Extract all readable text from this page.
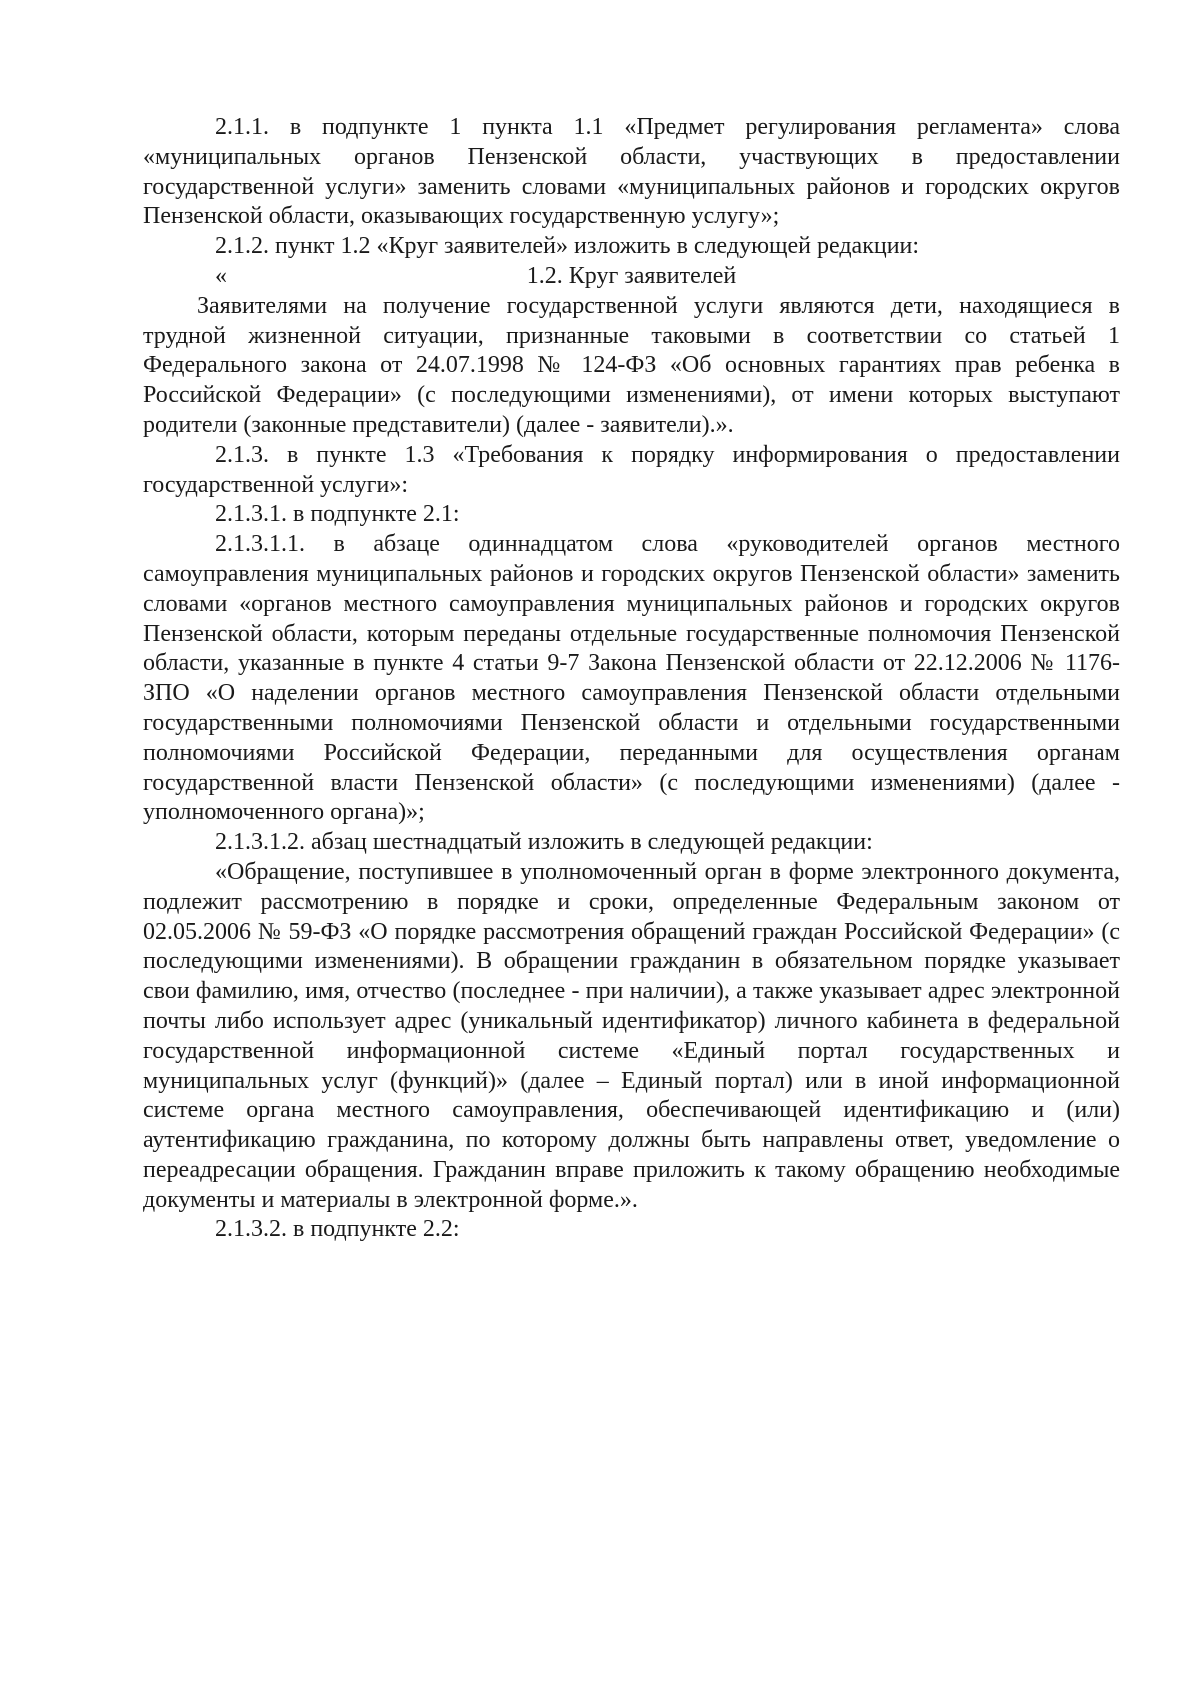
2.1.1. в подпункте 1 пункта 1.1 «Предмет регулирования регламента» слова «муниципальных органов Пензенской области, участвующих в предоставлении государственной услуги» заменить словами «муниципальных районов и городских округов Пензенской области, оказывающих государственную услугу»;

2.1.2. пункт 1.2 «Круг заявителей» изложить в следующей редакции:

«	1.2. Круг заявителей

Заявителями на получение государственной услуги являются дети, находящиеся в трудной жизненной ситуации, признанные таковыми в соответствии со статьей 1 Федерального закона от 24.07.1998 № 124-ФЗ «Об основных гарантиях прав ребенка в Российской Федерации» (с последующими изменениями), от имени которых выступают родители (законные представители) (далее - заявители).».

2.1.3. в пункте 1.3 «Требования к порядку информирования о предоставлении государственной услуги»:

2.1.3.1. в подпункте 2.1:

2.1.3.1.1. в абзаце одиннадцатом слова «руководителей органов местного самоуправления муниципальных районов и городских округов Пензенской области» заменить словами «органов местного самоуправления муниципальных районов и городских округов Пензенской области, которым переданы отдельные государственные полномочия Пензенской области, указанные в пункте 4 статьи 9-7 Закона Пензенской области от 22.12.2006 № 1176-ЗПО «О наделении органов местного самоуправления Пензенской области отдельными государственными полномочиями Пензенской области и отдельными государственными полномочиями Российской Федерации, переданными для осуществления органам государственной власти Пензенской области» (с последующими изменениями) (далее - уполномоченного органа)»;

2.1.3.1.2. абзац шестнадцатый изложить в следующей редакции:

«Обращение, поступившее в уполномоченный орган в форме электронного документа, подлежит рассмотрению в порядке и сроки, определенные Федеральным законом от 02.05.2006 № 59-ФЗ «О порядке рассмотрения обращений граждан Российской Федерации» (с последующими изменениями). В обращении гражданин в обязательном порядке указывает свои фамилию, имя, отчество (последнее - при наличии), а также указывает адрес электронной почты либо использует адрес (уникальный идентификатор) личного кабинета в федеральной государственной информационной системе «Единый портал государственных и муниципальных услуг (функций)» (далее – Единый портал) или в иной информационной системе органа местного самоуправления, обеспечивающей идентификацию и (или) аутентификацию гражданина, по которому должны быть направлены ответ, уведомление о переадресации обращения. Гражданин вправе приложить к такому обращению необходимые документы и материалы в электронной форме.».

2.1.3.2. в подпункте 2.2:
